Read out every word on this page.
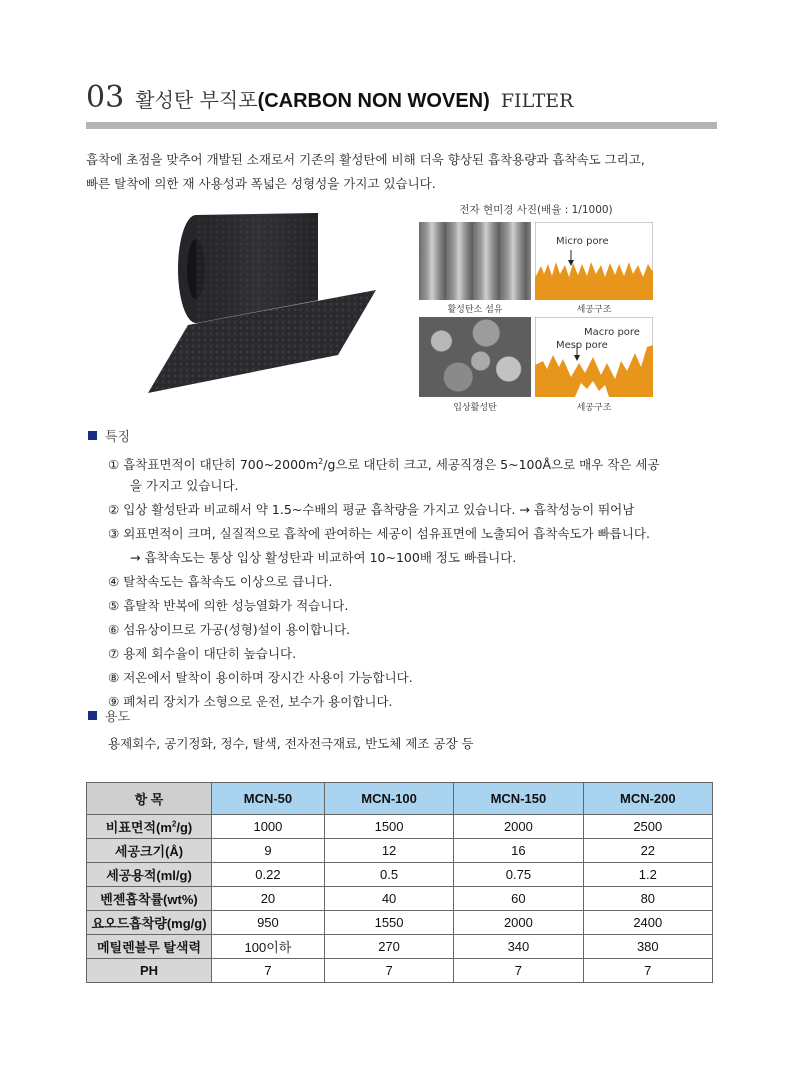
03 활성탄 부직포(CARBON NON WOVEN) FILTER

흡착에 초점을 맞추어 개발된 소재로서 기존의 활성탄에 비해 더욱 향상된 흡착용량과 흡착속도 그리고,

빠른 탈착에 의한 재 사용성과 폭넓은 성형성을 가지고 있습니다.

전자 현미경 사진(배율 : 1/1000)
활성탄소 섬유	세공구조
Micro pore
입상활성탄	세공구조
Macro pore
Meso pore
특징
① 흡착표면적이 대단히 $700\sim 2000m^2/g$으로 대단히 크고, 세공직경은 5~100Å으로 매우 작은 세공
을 가지고 있습니다.
② 입상 활성탄과 비교해서 약 1.5~수배의 평균 흡착량을 가지고 있습니다. → 흡착성능이 뛰어남
③ 외표면적이 크며, 실질적으로 흡착에 관여하는 세공이 섬유표면에 노출되어 흡착속도가 빠릅니다.
→ 흡착속도는 통상 입상 활성탄과 비교하여 10~100배 정도 빠릅니다.
④ 탈착속도는 흡착속도 이상으로 큽니다.
⑤ 흡탈착 반복에 의한 성능열화가 적습니다.
⑥ 섬유상이므로 가공(성형)설이 용이합니다.
⑦ 용제 회수율이 대단히 높습니다.
⑧ 저온에서 탈착이 용이하며 장시간 사용이 가능합니다.
⑨ 폐처리 장치가 소형으로 운전, 보수가 용이합니다.
용도
용제회수, 공기정화, 정수, 탈색, 전자전극재료, 반도체 제조 공장 등
항 목	MCN-50	MCN-100	MCN-150	MCN-200
비표면적$(m^2/g)$	1000	1500	2000	2500
세공크기(Å)	9	12	16	22
세공용적(ml/g)	0.22	0.5	0.75	1.2
벤젠흡착률(wt%)	20	40	60	80
요오드흡착량(mg/g)	950	1550	2000	2400
메틸렌블루 탈색력	100이하	270	340	380
PH	7	7	7	7
